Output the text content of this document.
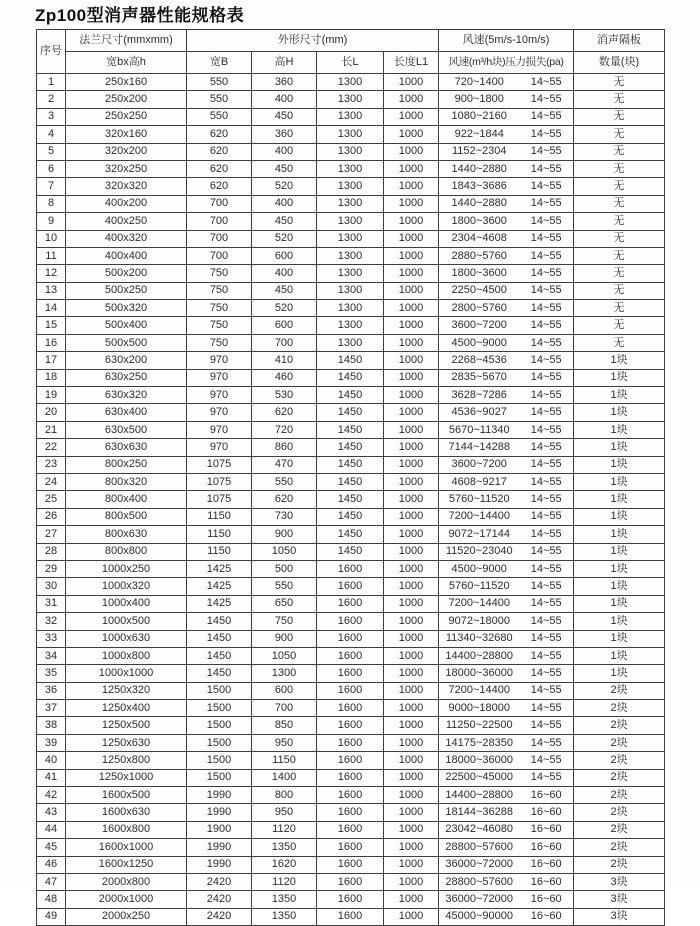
Zp100型消声器性能规格表
序号	法兰尺寸(mmxmm)	外形尺寸(mm)				风速(5m/s-10m/s)	消声隔板
	宽bx高h	宽B	高H	长L	长度L1	风速(m³/h块)压力损失(pa)	数量(块)
1	250x160	550	360	1300	1000	720~1400 14~55	无
2	250x200	550	400	1300	1000	900~1800 14~55	无
3	250x250	550	450	1300	1000	1080~2160 14~55	无
4	320x160	620	360	1300	1000	922~1844 14~55	无
5	320x200	620	400	1300	1000	1152~2304 14~55	无
6	320x250	620	450	1300	1000	1440~2880 14~55	无
7	320x320	620	520	1300	1000	1843~3686 14~55	无
8	400x200	700	400	1300	1000	1440~2880 14~55	无
9	400x250	700	450	1300	1000	1800~3600 14~55	无
10	400x320	700	520	1300	1000	2304~4608 14~55	无
11	400x400	700	600	1300	1000	2880~5760 14~55	无
12	500x200	750	400	1300	1000	1800~3600 14~55	无
13	500x250	750	450	1300	1000	2250~4500 14~55	无
14	500x320	750	520	1300	1000	2800~5760 14~55	无
15	500x400	750	600	1300	1000	3600~7200 14~55	无
16	500x500	750	700	1300	1000	4500~9000 14~55	无
17	630x200	970	410	1450	1000	2268~4536 14~55	1块
18	630x250	970	460	1450	1000	2835~5670 14~55	1块
19	630x320	970	530	1450	1000	3628~7286 14~55	1块
20	630x400	970	620	1450	1000	4536~9027 14~55	1块
21	630x500	970	720	1450	1000	5670~11340 14~55	1块
22	630x630	970	860	1450	1000	7144~14288 14~55	1块
23	800x250	1075	470	1450	1000	3600~7200 14~55	1块
24	800x320	1075	550	1450	1000	4608~9217 14~55	1块
25	800x400	1075	620	1450	1000	5760~11520 14~55	1块
26	800x500	1150	730	1450	1000	7200~14400 14~55	1块
27	800x630	1150	900	1450	1000	9072~17144 14~55	1块
28	800x800	1150	1050	1450	1000	11520~23040 14~55	1块
29	1000x250	1425	500	1600	1000	4500~9000 14~55	1块
30	1000x320	1425	550	1600	1000	5760~11520 14~55	1块
31	1000x400	1425	650	1600	1000	7200~14400 14~55	1块
32	1000x500	1450	750	1600	1000	9072~18000 14~55	1块
33	1000x630	1450	900	1600	1000	11340~32680 14~55	1块
34	1000x800	1450	1050	1600	1000	14400~28800 14~55	1块
35	1000x1000	1450	1300	1600	1000	18000~36000 14~55	1块
36	1250x320	1500	600	1600	1000	7200~14400 14~55	2块
37	1250x400	1500	700	1600	1000	9000~18000 14~55	2块
38	1250x500	1500	850	1600	1000	11250~22500 14~55	2块
39	1250x630	1500	950	1600	1000	14175~28350 14~55	2块
40	1250x800	1500	1150	1600	1000	18000~36000 14~55	2块
41	1250x1000	1500	1400	1600	1000	22500~45000 14~55	2块
42	1600x500	1990	800	1600	1000	14400~28800 16~60	2块
43	1600x630	1990	950	1600	1000	18144~36288 16~60	2块
44	1600x800	1900	1120	1600	1000	23042~46080 16~60	2块
45	1600x1000	1990	1350	1600	1000	28800~57600 16~60	2块
46	1600x1250	1990	1620	1600	1000	36000~72000 16~60	2块
47	2000x800	2420	1120	1600	1000	28800~57600 16~60	3块
48	2000x1000	2420	1350	1600	1000	36000~72000 16~60	3块
49	2000x250	2420	1350	1600	1000	45000~90000 16~60	3块
